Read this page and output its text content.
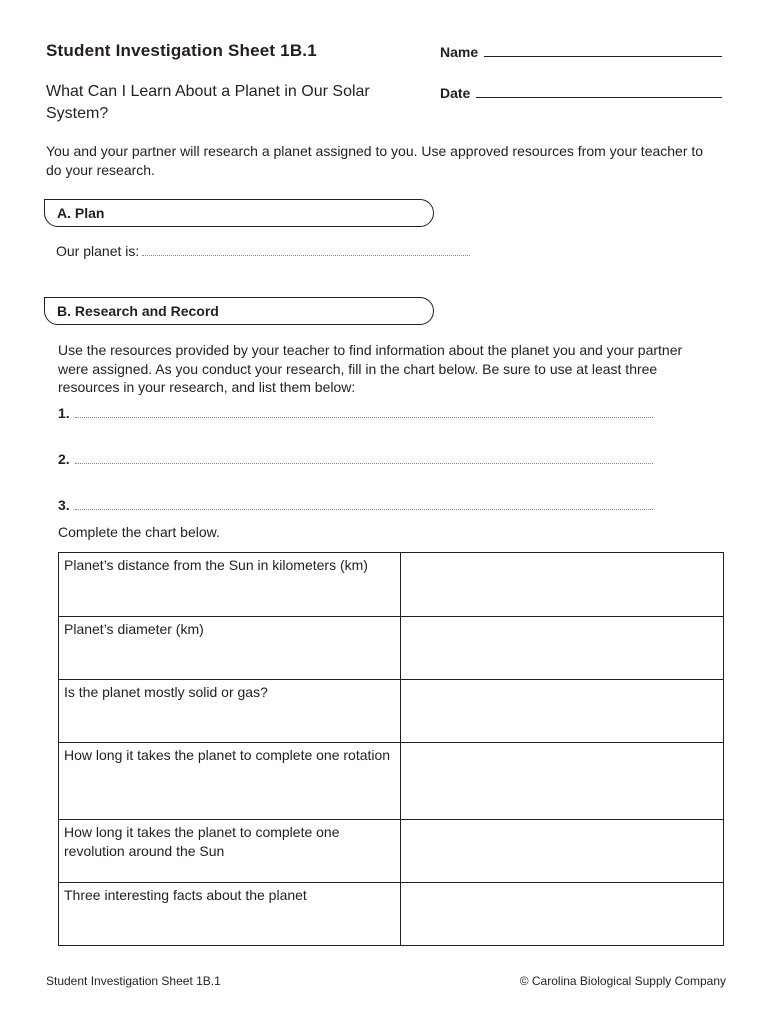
Student Investigation Sheet 1B.1
What Can I Learn About a Planet in Our Solar System?
Name
Date
You and your partner will research a planet assigned to you. Use approved resources from your teacher to do your research.
A. Plan
Our planet is:
B. Research and Record
Use the resources provided by your teacher to find information about the planet you and your partner were assigned. As you conduct your research, fill in the chart below. Be sure to use at least three resources in your research, and list them below:
1.
2.
3.
Complete the chart below.
Planet’s distance from the Sun in kilometers (km)	
Planet’s diameter (km)	
Is the planet mostly solid or gas?	
How long it takes the planet to complete one rotation	
How long it takes the planet to complete one revolution around the Sun	
Three interesting facts about the planet	
Student Investigation Sheet 1B.1	© Carolina Biological Supply Company
